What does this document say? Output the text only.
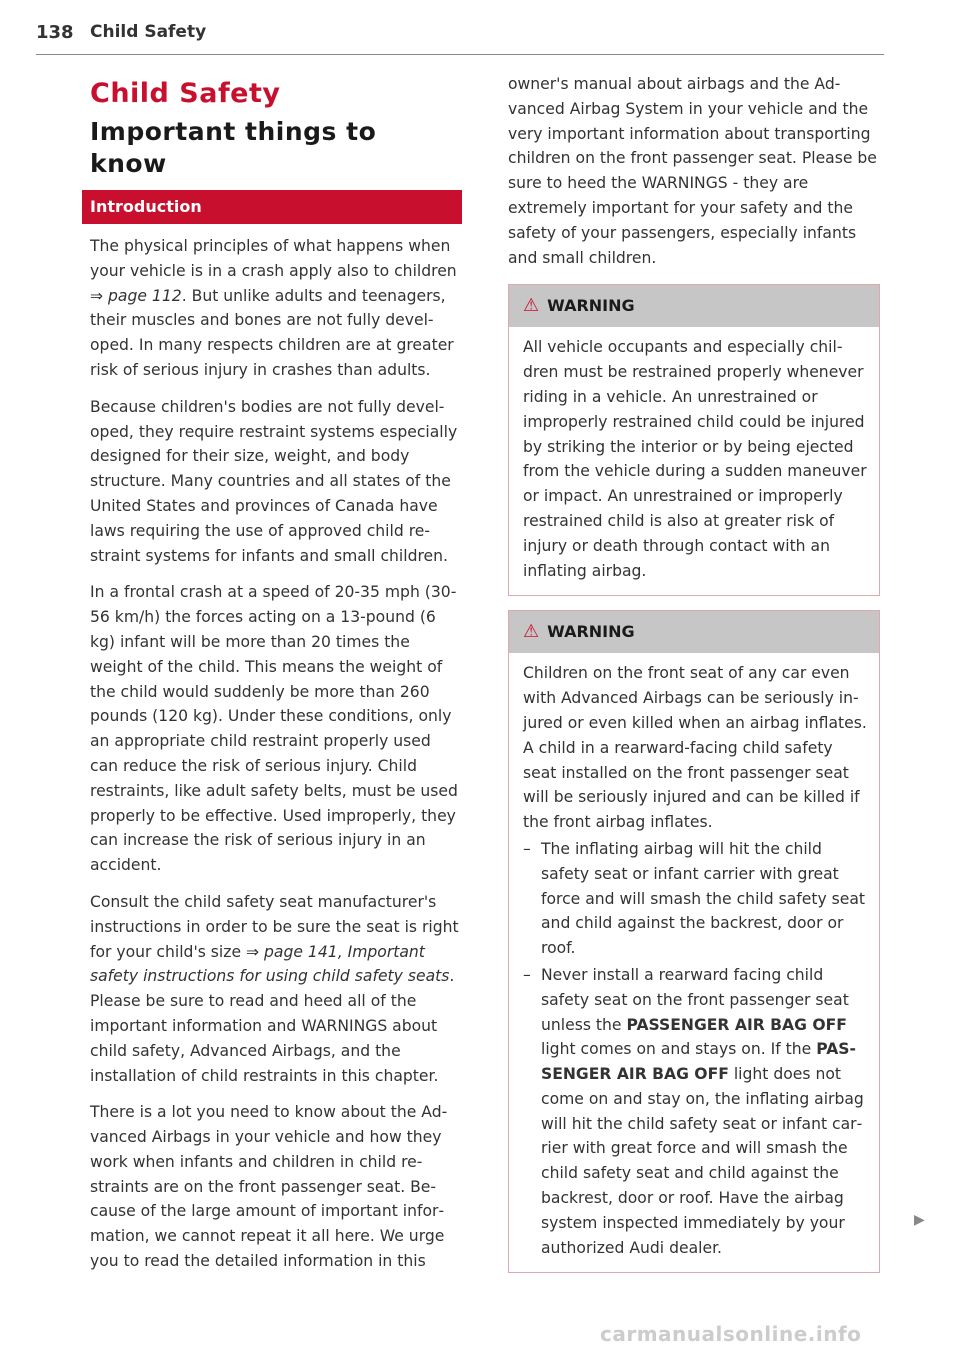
138 Child Safety
Child Safety
Important things to know
Introduction

The physical principles of what happens when your vehicle is in a crash apply also to children ⇒ page 112. But unlike adults and teenagers, their muscles and bones are not fully developed. In many respects children are at greater risk of serious injury in crashes than adults.

Because children's bodies are not fully developed, they require restraint systems especially designed for their size, weight, and body structure. Many countries and all states of the United States and provinces of Canada have laws requiring the use of approved child restraint systems for infants and small children.

In a frontal crash at a speed of 20-35 mph (30-56 km/h) the forces acting on a 13-pound (6 kg) infant will be more than 20 times the weight of the child. This means the weight of the child would suddenly be more than 260 pounds (120 kg). Under these conditions, only an appropriate child restraint properly used can reduce the risk of serious injury. Child restraints, like adult safety belts, must be used properly to be effective. Used improperly, they can increase the risk of serious injury in an accident.

Consult the child safety seat manufacturer's instructions in order to be sure the seat is right for your child's size ⇒ page 141, Important safety instructions for using child safety seats. Please be sure to read and heed all of the important information and WARNINGS about child safety, Advanced Airbags, and the installation of child restraints in this chapter.

There is a lot you need to know about the Advanced Airbags in your vehicle and how they work when infants and children in child restraints are on the front passenger seat. Because of the large amount of important information, we cannot repeat it all here. We urge you to read the detailed information in this

owner's manual about airbags and the Advanced Airbag System in your vehicle and the very important information about transporting children on the front passenger seat. Please be sure to heed the WARNINGS - they are extremely important for your safety and the safety of your passengers, especially infants and small children.

⚠ WARNING

All vehicle occupants and especially children must be restrained properly whenever riding in a vehicle. An unrestrained or improperly restrained child could be injured by striking the interior or by being ejected from the vehicle during a sudden maneuver or impact. An unrestrained or improperly restrained child is also at greater risk of injury or death through contact with an inflating airbag.

⚠ WARNING

Children on the front seat of any car even with Advanced Airbags can be seriously injured or even killed when an airbag inflates. A child in a rearward-facing child safety seat installed on the front passenger seat will be seriously injured and can be killed if the front airbag inflates.

– The inflating airbag will hit the child safety seat or infant carrier with great force and will smash the child safety seat and child against the backrest, door or roof.

– Never install a rearward facing child safety seat on the front passenger seat unless the PASSENGER AIR BAG OFF light comes on and stays on. If the PASSENGER AIR BAG OFF light does not come on and stay on, the inflating airbag will hit the child safety seat or infant carrier with great force and will smash the child safety seat and child against the backrest, door or roof. Have the airbag system inspected immediately by your authorized Audi dealer.

▶
carmanualsonline.info
